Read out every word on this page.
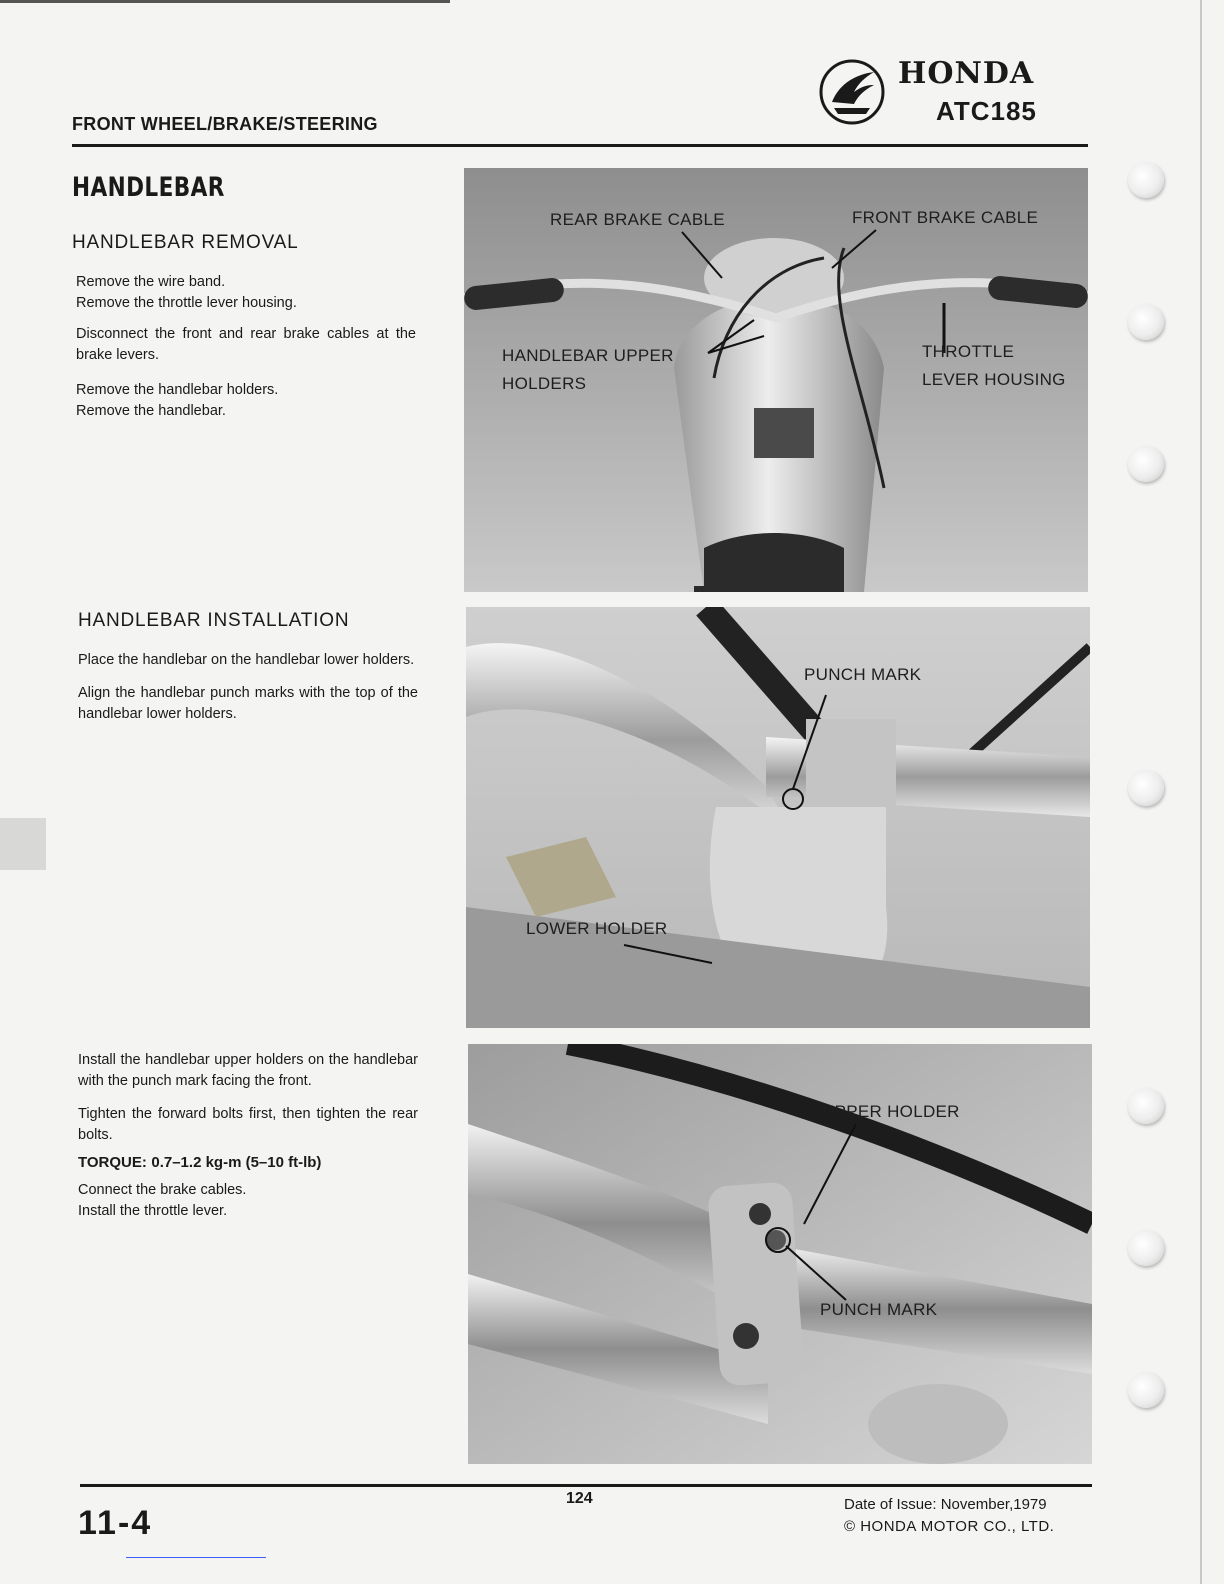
FRONT WHEEL/BRAKE/STEERING
HONDA
ATC185
HANDLEBAR
HANDLEBAR REMOVAL

Remove the wire band.
Remove the throttle lever housing.

Disconnect the front and rear brake cables at the brake levers.

Remove the handlebar holders.
Remove the handlebar.

HANDLEBAR INSTALLATION

Place the handlebar on the handlebar lower holders.

Align the handlebar punch marks with the top of the handlebar lower holders.

Install the handlebar upper holders on the handlebar with the punch mark facing the front.

Tighten the forward bolts first, then tighten the rear bolts.

TORQUE: 0.7–1.2 kg-m (5–10 ft-lb)

Connect the brake cables.
Install the throttle lever.

REAR BRAKE CABLE	FRONT BRAKE CABLE
HANDLEBAR UPPER
HOLDERS
THROTTLE
LEVER HOUSING
PUNCH MARK
LOWER HOLDER
UPPER HOLDER
PUNCH MARK
11-4
124	Date of Issue: November,1979
© HONDA MOTOR CO., LTD.
